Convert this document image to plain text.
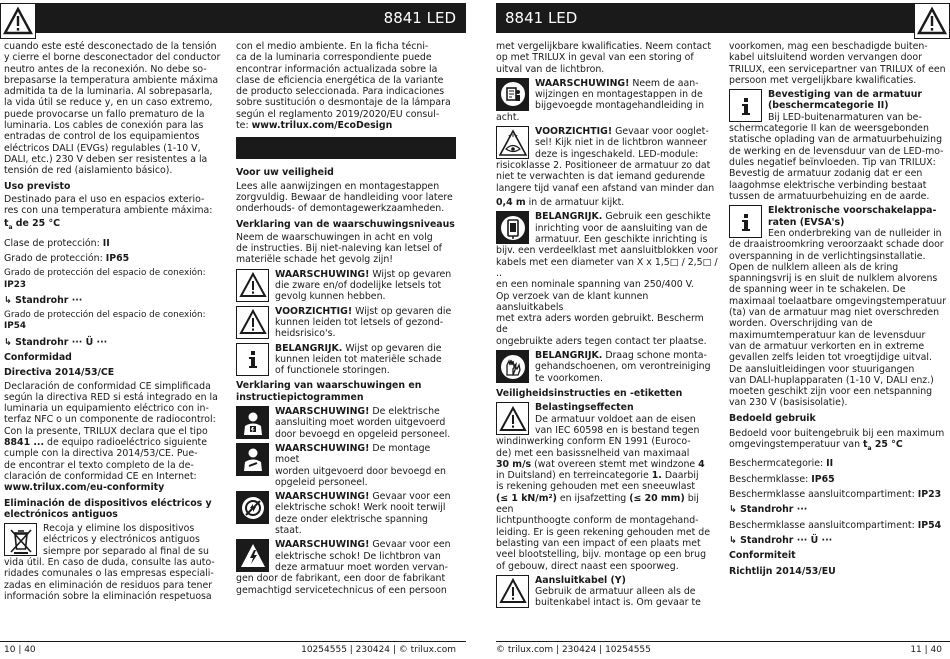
8841 LED

cuando este esté desconectado de la tensión
y cierre el borne desconectador del conductor
neutro antes de la reconexión. No debe so-
brepasarse la temperatura ambiente máxima
admitida ta de la luminaria. Al sobrepasarla,
la vida útil se reduce y, en un caso extremo,
puede provocarse un fallo prematuro de la
luminaria. Los cables de conexión para las
entradas de control de los equipamientos
eléctricos DALI (EVGs) regulables (1-10 V,
DALI, etc.) 230 V deben ser resistentes a la
tensión de red (aislamiento básico).

Uso previsto

Destinado para el uso en espacios exterio-
res con una temperatura ambiente máxima:

$t_a$ de 25 °C

Clase de protección: II

Grado de protección: IP65

Grado de protección del espacio de conexión: IP23

↳ Standrohr ···

Grado de protección del espacio de conexión: IP54

↳ Standrohr ··· Ü ···

Conformidad

Directiva 2014/53/CE

Declaración de conformidad CE simplificada
según la directiva RED si está integrado en la
luminaria un equipamiento eléctrico con in-
terfaz NFC o un componente de radiocontrol:
Con la presente, TRILUX declara que el tipo
8841 ... de equipo radioeléctrico siguiente
cumple con la directiva 2014/53/CE. Pue-
de encontrar el texto completo de la de-
claración de conformidad CE en Internet:
www.trilux.com/eu-conformity

Eliminación de dispositivos eléctricos y electrónicos antiguos

Recoja y elimine los dispositivos
eléctricos y electrónicos antiguos
siempre por separado al final de su
vida útil. En caso de duda, consulte las auto-
ridades comunales o las empresas especiali-
zadas en eliminación de residuos para tener
información sobre la eliminación respetuosa

con el medio ambiente. En la ficha técni-
ca de la luminaria correspondiente puede
encontrar información actualizada sobre la
clase de eficiencia energética de la variante
de producto seleccionada. Para indicaciones
sobre sustitución o desmontaje de la lámpara
según el reglamento 2019/2020/EU consul-
te: www.trilux.com/EcoDesign

Voor uw veiligheid

Lees alle aanwijzingen en montagestappen
zorgvuldig. Bewaar de handleiding voor latere
onderhouds- of demontagewerkzaamheden.

Verklaring van de waarschuwingsniveaus

Neem de waarschuwingen in acht en volg
de instructies. Bij niet-naleving kan letsel of
materiële schade het gevolg zijn!

WAARSCHUWING! Wijst op gevaren
die zware en/of dodelijke letsels tot
gevolg kunnen hebben.
VOORZICHTIG! Wijst op gevaren die
kunnen leiden tot letsels of gezond-
heidsrisico's.
BELANGRIJK. Wijst op gevaren die
kunnen leiden tot materiële schade
of functionele storingen.

Verklaring van waarschuwingen en instructiepictogrammen

WAARSCHUWING! De elektrische
aansluiting moet worden uitgevoerd
door bevoegd en opgeleid personeel.
WAARSCHUWING! De montage moet
worden uitgevoerd door bevoegd en
opgeleid personeel.
WAARSCHUWING! Gevaar voor een
elektrische schok! Werk nooit terwijl
deze onder elektrische spanning staat.
WAARSCHUWING! Gevaar voor een
elektrische schok! De lichtbron van
deze armatuur moet worden vervan-
gen door de fabrikant, een door de fabrikant
gemachtigd servicetechnicus of een persoon
10 | 40	10254555 | 230424 | © trilux.com
8841 LED

met vergelijkbare kwalificaties. Neem contact
op met TRILUX in geval van een storing of
uitval van de lichtbron.

WAARSCHUWING! Neem de aan-
wijzingen en montagestappen in de
bijgevoegde montagehandleiding in
acht.
VOORZICHTIG! Gevaar voor ooglet-
sel! Kijk niet in de lichtbron wanneer
deze is ingeschakeld. LED-module:
risicoklasse 2. Positioneer de armatuur zo dat
niet te verwachten is dat iemand gedurende
langere tijd vanaf een afstand van minder dan

0,4 m in de armatuur kijkt.

BELANGRIJK. Gebruik een geschikte
inrichting voor de aansluiting van de
armatuur. Een geschikte inrichting is
bijv. een verdeelklast met aansluitblokken voor
kabels met een diameter van X x 1,5□ / 2,5□ / ..
en een nominale spanning van 250/400 V.
Op verzoek van de klant kunnen aansluitkabels
met extra aders worden gebruikt. Bescherm de
ongebruikte aders tegen contact ter plaatse.
BELANGRIJK. Draag schone monta-
gehandschoenen, om verontreiniging
te voorkomen.

Veiligheidsinstructies en -etiketten

Belastingseffecten
De armatuur voldoet aan de eisen
van IEC 60598 en is bestand tegen
windinwerking conform EN 1991 (Euroco-
de) met een basissnelheid van maximaal
30 m/s (wat overeen stemt met windzone 4
in Duitsland) en terreincategorie 1. Daarbij
is rekening gehouden met een sneeuwlast
(≤ 1 kN/m²) en ijsafzetting (≤ 20 mm) bij een
lichtpunthoogte conform de montagehand-
leiding. Er is geen rekening gehouden met de
belasting van een impact of een plaats met
veel blootstelling, bijv. montage op een brug
of gebouw, direct naast een spoorweg.
Aansluitkabel (Y)
Gebruik de armatuur alleen als de
buitenkabel intact is. Om gevaar te

voorkomen, mag een beschadigde buiten-
kabel uitsluitend worden vervangen door
TRILUX, een servicepartner van TRILUX of een
persoon met vergelijkbare kwalificaties.

Bevestiging van de armatuur (beschermcategorie II)
Bij LED-buitenarmaturen van be-
schermcategorie II kan de weersgebonden
statische oplading van de armatuurbehuizing
de werking en de levensduur van de LED-mo-
dules negatief beïnvloeden. Tip van TRILUX:
Bevestig de armatuur zodanig dat er een
laagohmse elektrische verbinding bestaat
tussen de armatuurbehuizing en de aarde.
Elektronische voorschakelapparaten (EVSA's)
Een onderbreking van de nulleider in
de draaistroomkring veroorzaakt schade door
overspanning in de verlichtingsinstallatie.
Open de nulklem alleen als de kring
spanningsvrij is en sluit de nulklem alvorens
de spanning weer in te schakelen. De
maximaal toelaatbare omgevingstemperatuur
(ta) van de armatuur mag niet overschreden
worden. Overschrijding van de
maximumtemperatuur kan de levensduur
van de armatuur verkorten en in extreme
gevallen zelfs leiden tot vroegtijdige uitval.
De aansluitleidingen voor stuurigangen
van DALI-huplapparaten (1-10 V, DALI enz.)
moeten geschikt zijn voor een netspanning
van 230 V (basisisolatie).

Bedoeld gebruik

Bedoeld voor buitengebruik bij een maximum
omgevingstemperatuur van $t_a$ 25 °C

Beschermcategorie: II

Beschermklasse: IP65

Beschermklasse aansluitcompartiment: IP23

↳ Standrohr ···

Beschermklasse aansluitcompartiment: IP54

↳ Standrohr ··· Ü ···

Conformiteit

Richtlijn 2014/53/EU

© trilux.com | 230424 | 10254555	11 | 40
